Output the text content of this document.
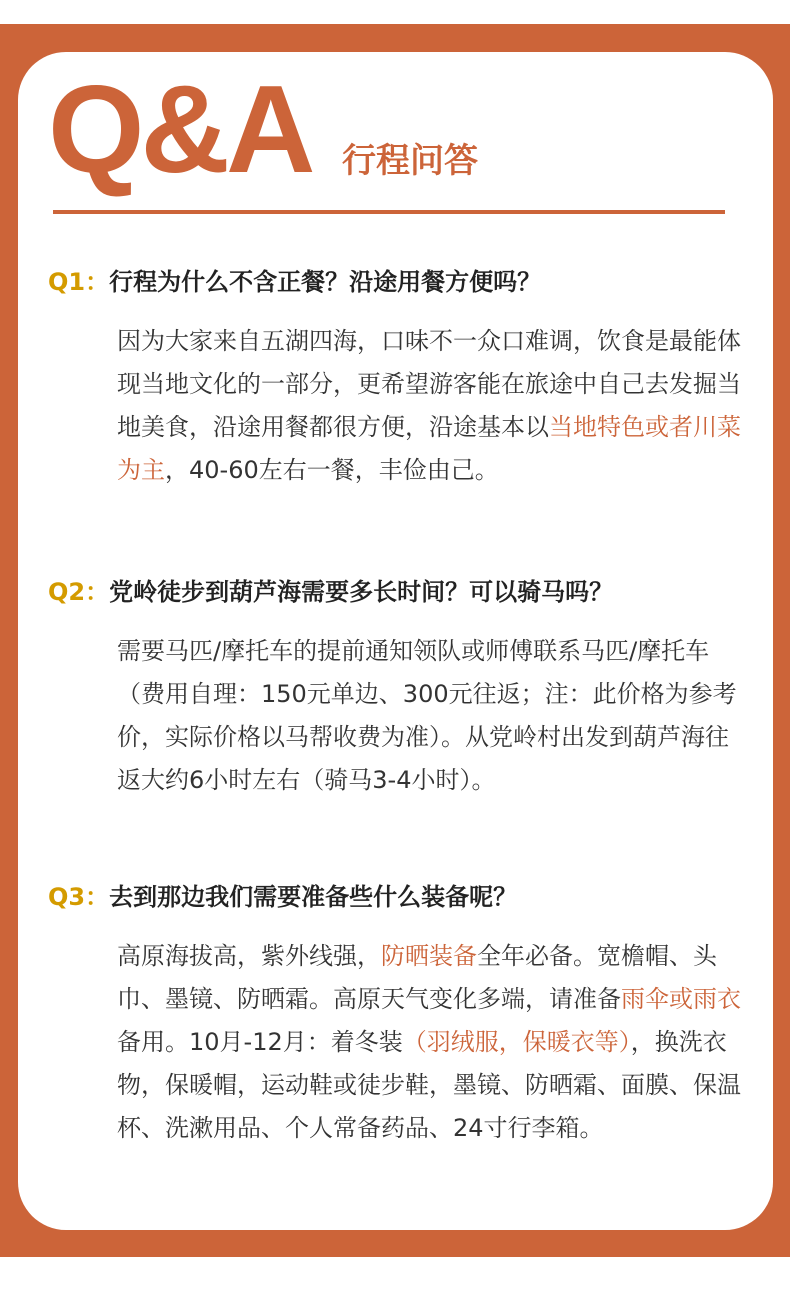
Q&A 行程问答
Q1：行程为什么不含正餐？沿途用餐方便吗？
因为大家来自五湖四海，口味不一众口难调，饮食是最能体现当地文化的一部分，更希望游客能在旅途中自己去发掘当地美食，沿途用餐都很方便，沿途基本以当地特色或者川菜为主，40-60左右一餐，丰俭由己。
Q2：党岭徒步到葫芦海需要多长时间？可以骑马吗？
需要马匹/摩托车的提前通知领队或师傅联系马匹/摩托车（费用自理：150元单边、300元往返；注：此价格为参考价，实际价格以马帮收费为准）。从党岭村出发到葫芦海往返大约6小时左右（骑马3-4小时）。
Q3：去到那边我们需要准备些什么装备呢？
高原海拔高，紫外线强，防晒装备全年必备。宽檐帽、头巾、墨镜、防晒霜。高原天气变化多端，请准备雨伞或雨衣备用。10月-12月：着冬装（羽绒服，保暖衣等），换洗衣物，保暖帽，运动鞋或徒步鞋，墨镜、防晒霜、面膜、保温杯、洗漱用品、个人常备药品、24寸行李箱。
